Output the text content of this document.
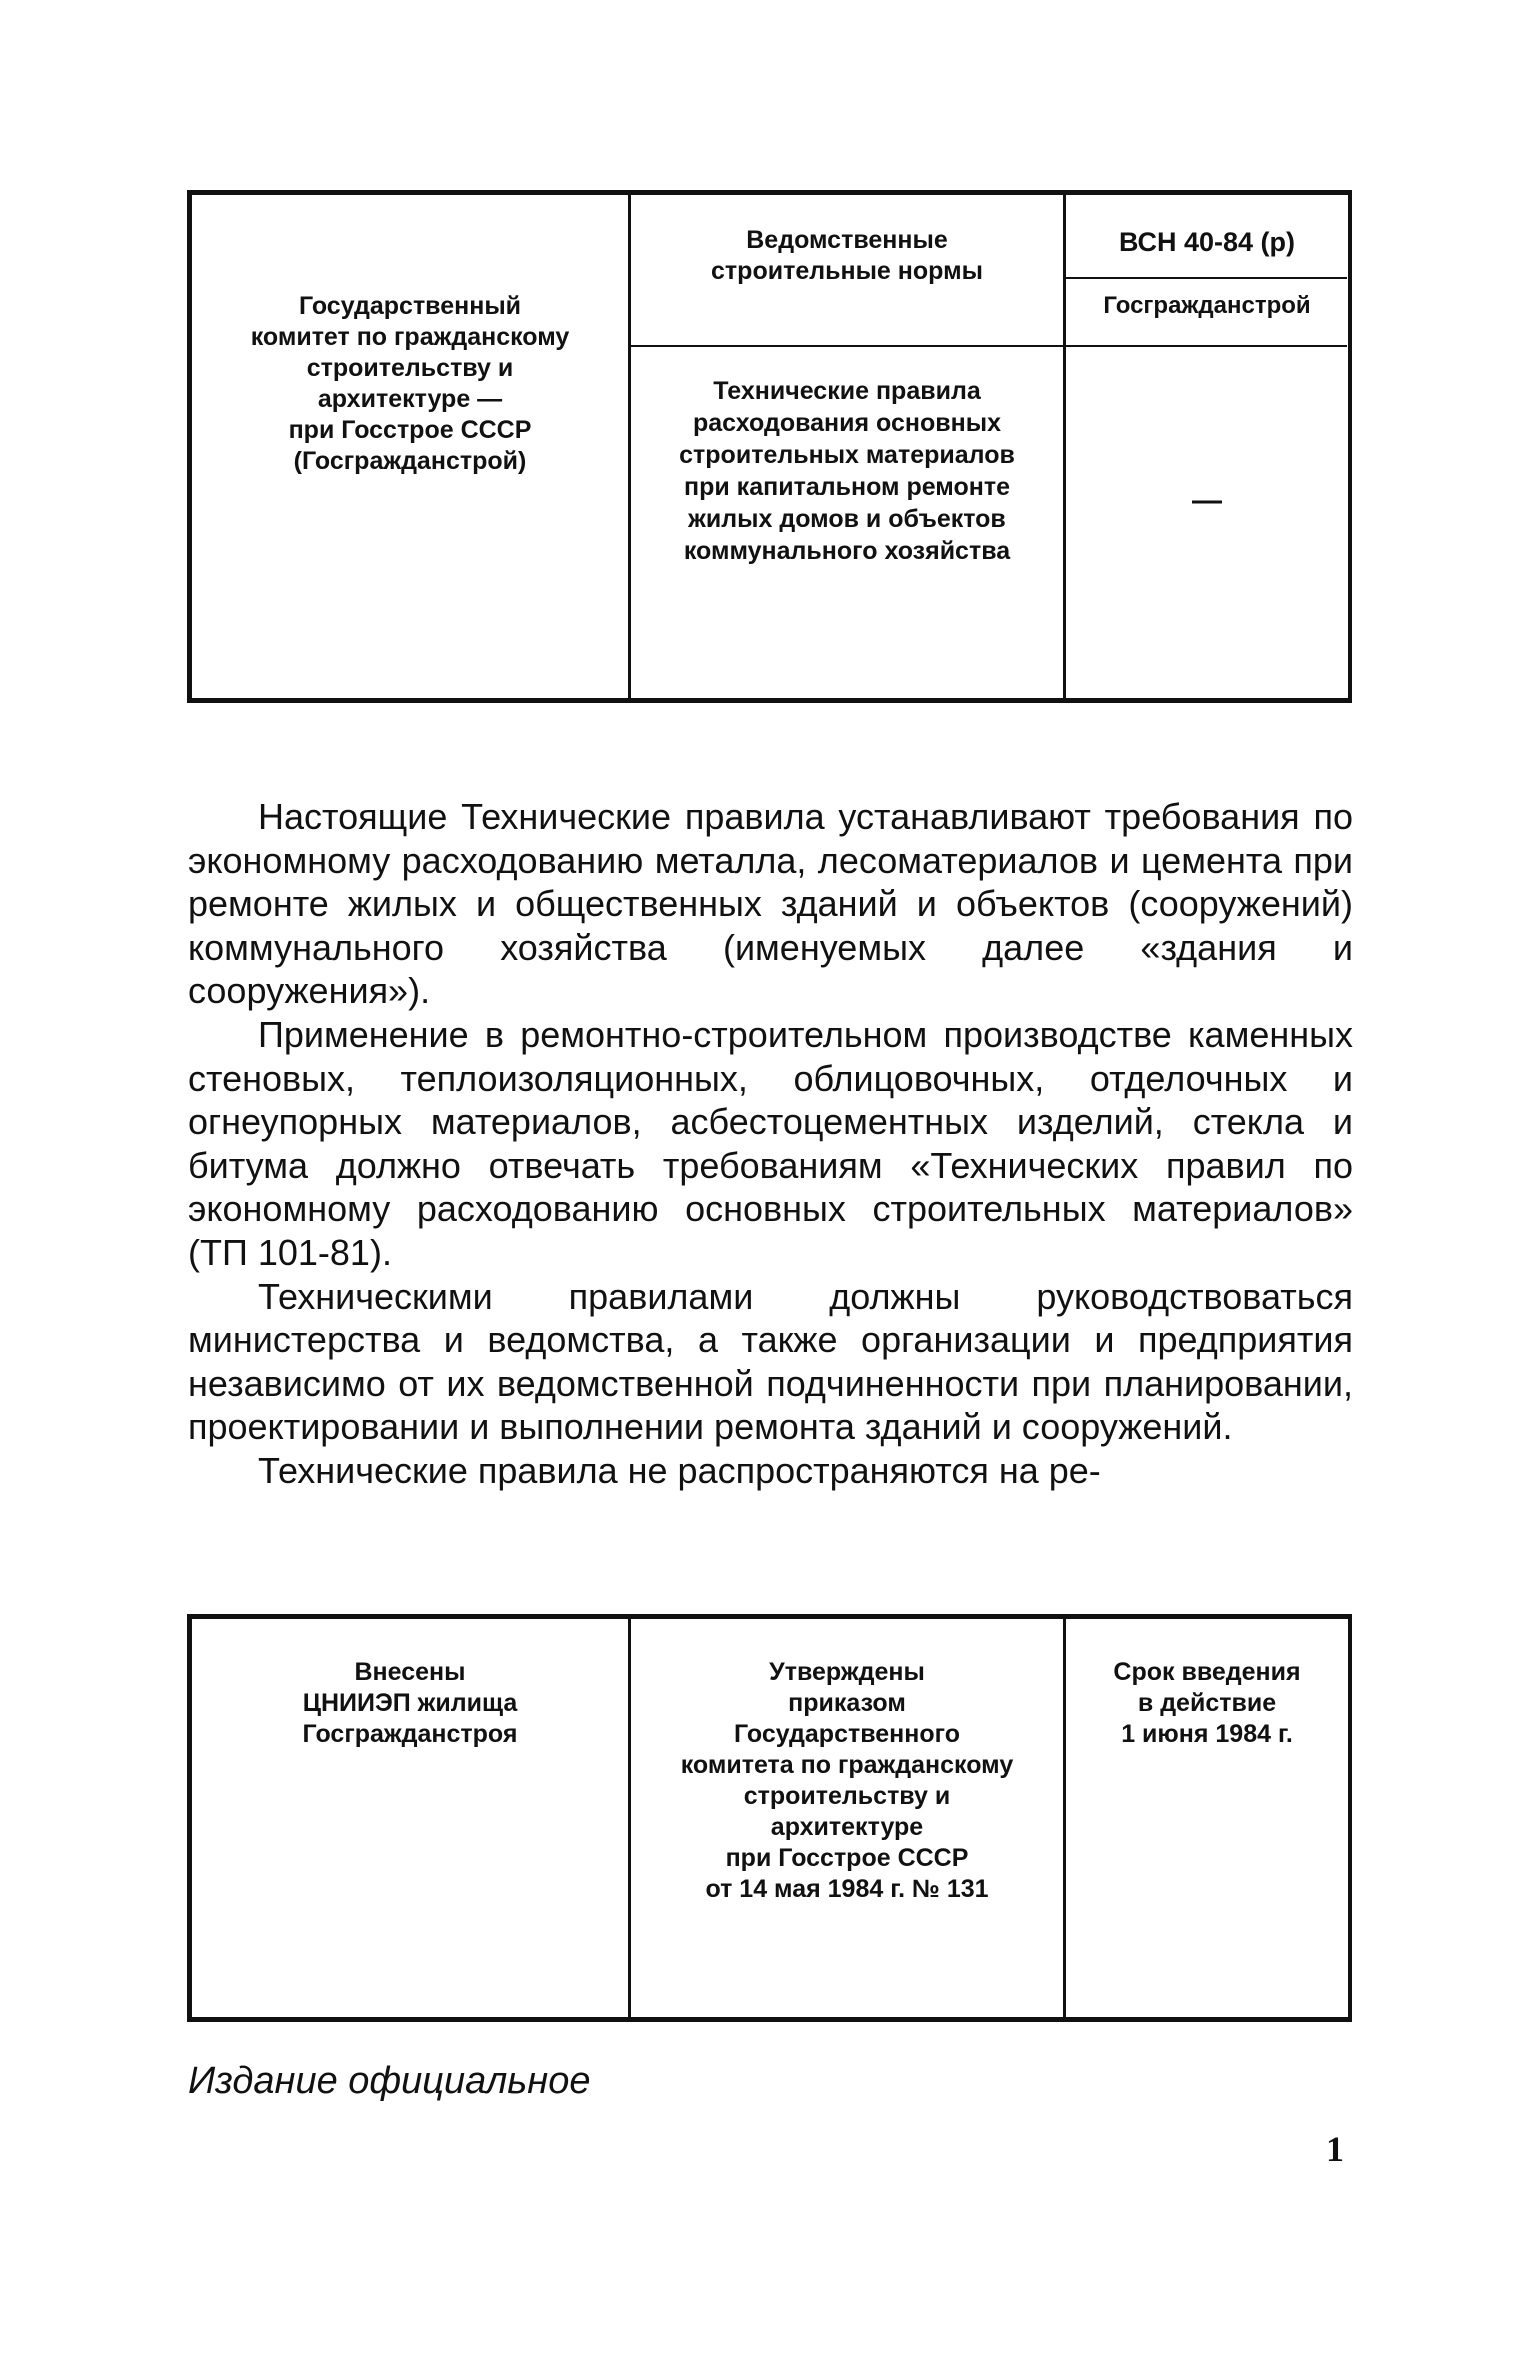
Государственный
комитет по гражданскому
строительству и
архитектуре —
при Госстрое СССР
(Госгражданстрой)
Ведомственные
строительные нормы
ВСН 40-84 (р)
Госгражданстрой
Технические правила
расходования основных
строительных материалов
при капитальном ремонте
жилых домов и объектов
коммунального хозяйства
—

Настоящие Технические правила устанавливают требования по экономному расходованию металла, лесоматериалов и цемента при ремонте жилых и общественных зданий и объектов (сооружений) коммунального хозяйства (именуемых далее «здания и сооружения»).

Применение в ремонтно-строительном производстве каменных стеновых, теплоизоляционных, облицовочных, отделочных и огнеупорных материалов, асбестоцементных изделий, стекла и битума должно отвечать требованиям «Технических правил по экономному расходованию основных строительных материалов» (ТП 101-81).

Техническими правилами должны руководствоваться министерства и ведомства, а также организации и предприятия независимо от их ведомственной подчиненности при планировании, проектировании и выполнении ремонта зданий и сооружений.

Технические правила не распространяются на ре-

Внесены
ЦНИИЭП жилища
Госгражданстроя
Утверждены
приказом
Государственного
комитета по гражданскому
строительству и
архитектуре
при Госстрое СССР
от 14 мая 1984 г. № 131
Срок введения
в действие
1 июня 1984 г.
Издание официальное
1
